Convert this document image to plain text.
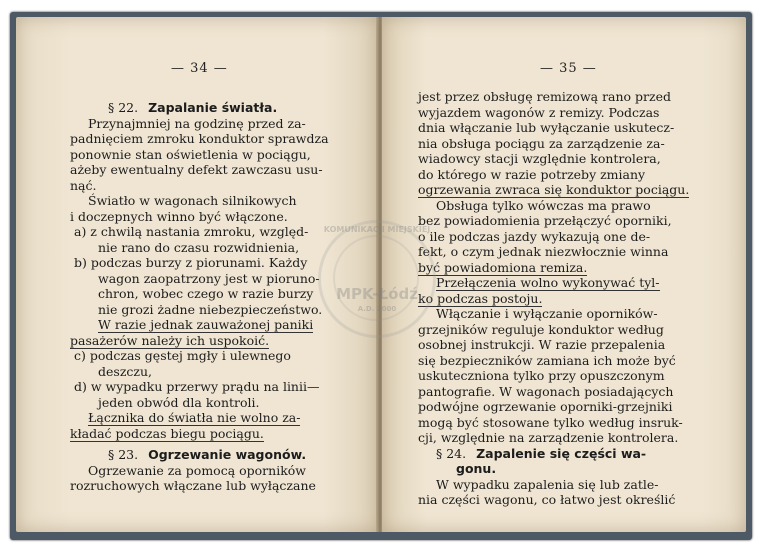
— 34 —
§ 22. Zapalanie światła.
Przynajmniej na godzinę przed za-
padnięciem zmroku konduktor sprawdza
ponownie stan oświetlenia w pociągu,
ażeby ewentualny defekt zawczasu usu-
nąć.
Światło w wagonach silnikowych
i doczepnych winno być włączone.
a) z chwilą nastania zmroku, względ-
nie rano do czasu rozwidnienia,
b) podczas burzy z piorunami. Każdy
wagon zaopatrzony jest w pioruno-
chron, wobec czego w razie burzy
nie grozi żadne niebezpieczeństwo.
W razie jednak zauważonej paniki
pasażerów należy ich uspokoić.
c) podczas gęstej mgły i ulewnego
deszczu,
d) w wypadku przerwy prądu na linii—
jeden obwód dla kontroli.
Łącznika do światła nie wolno za-
kładać podczas biegu pociągu.
§ 23. Ogrzewanie wagonów.
Ogrzewanie za pomocą oporników
rozruchowych włączane lub wyłączane
— 35 —
jest przez obsługę remizową rano przed
wyjazdem wagonów z remizy. Podczas
dnia włączanie lub wyłączanie uskutecz-
nia obsługa pociągu za zarządzenie za-
wiadowcy stacji względnie kontrolera,
do którego w razie potrzeby zmiany
ogrzewania zwraca się konduktor pociągu.
Obsługa tylko wówczas ma prawo
bez powiadomienia przełączyć oporniki,
o ile podczas jazdy wykazują one de-
fekt, o czym jednak niezwłocznie winna
być powiadomiona remiza.
Przełączenia wolno wykonywać tyl-
ko podczas postoju.
Włączanie i wyłączanie oporników-
grzejników reguluje konduktor według
osobnej instrukcji. W razie przepalenia
się bezpieczników zamiana ich może być
uskuteczniona tylko przy opuszczonym
pantografie. W wagonach posiadających
podwójne ogrzewanie oporniki-grzejniki
mogą być stosowane tylko według insruk-
cji, względnie na zarządzenie kontrolera.
§ 24. Zapalenie się części wa-
gonu.
W wypadku zapalenia się lub zatle-
nia części wagonu, co łatwo jest określić
KOMUNIKACJI MIEJSKIEJ
MPK-Łódź
A.D. 2000
